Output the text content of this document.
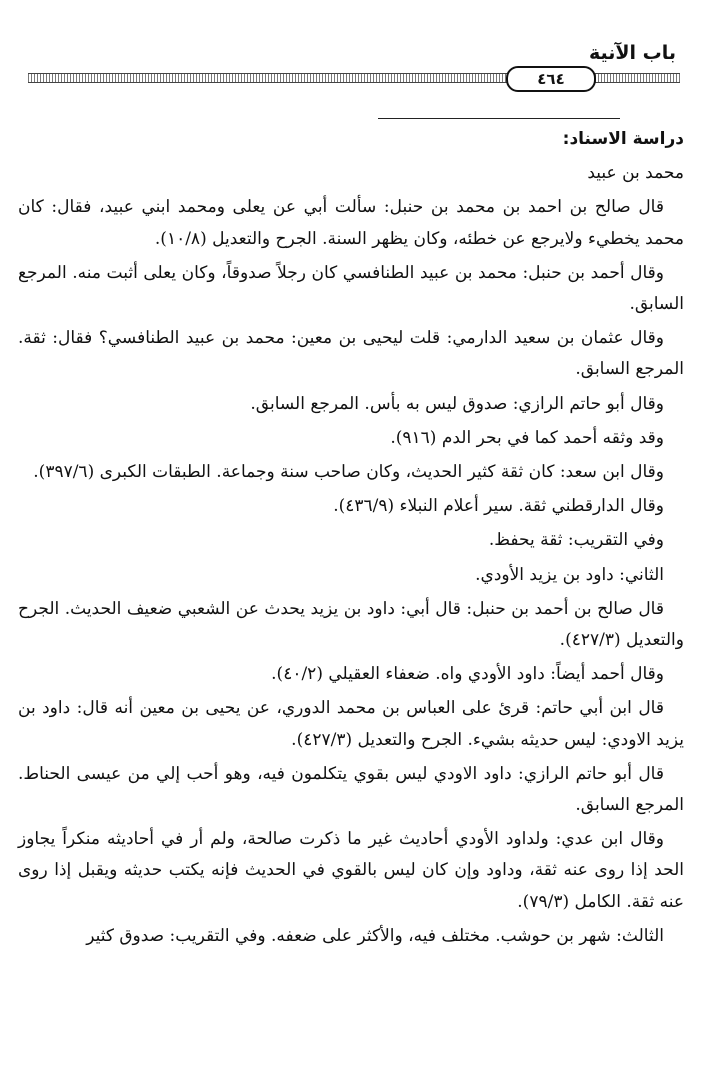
باب الآنية
٤٦٤

دراسة الاسناد:

محمد بن عبيد

قال صالح بن احمد بن محمد بن حنبل: سألت أبي عن يعلى ومحمد ابني عبيد، فقال: كان محمد يخطيء ولايرجع عن خطئه، وكان يظهر السنة. الجرح والتعديل (١٠/٨).

وقال أحمد بن حنبل: محمد بن عبيد الطنافسي كان رجلاً صدوقاً، وكان يعلى أثبت منه. المرجع السابق.

وقال عثمان بن سعيد الدارمي: قلت ليحيى بن معين: محمد بن عبيد الطنافسي؟ فقال: ثقة. المرجع السابق.

وقال أبو حاتم الرازي: صدوق ليس به بأس. المرجع السابق.

وقد وثقه أحمد كما في بحر الدم (٩١٦).

وقال ابن سعد: كان ثقة كثير الحديث، وكان صاحب سنة وجماعة. الطبقات الكبرى (٣٩٧/٦).

وقال الدارقطني ثقة. سير أعلام النبلاء (٤٣٦/٩).

وفي التقريب: ثقة يحفظ.

الثاني: داود بن يزيد الأودي.

قال صالح بن أحمد بن حنبل: قال أبي: داود بن يزيد يحدث عن الشعبي ضعيف الحديث. الجرح والتعديل (٤٢٧/٣).

وقال أحمد أيضاً: داود الأودي واه. ضعفاء العقيلي (٤٠/٢).

قال ابن أبي حاتم: قرئ على العباس بن محمد الدوري، عن يحيى بن معين أنه قال: داود بن يزيد الاودي: ليس حديثه بشيء. الجرح والتعديل (٤٢٧/٣).

قال أبو حاتم الرازي: داود الاودي ليس بقوي يتكلمون فيه، وهو أحب إلي من عيسى الحناط. المرجع السابق.

وقال ابن عدي: ولداود الأودي أحاديث غير ما ذكرت صالحة، ولم أر في أحاديثه منكراً يجاوز الحد إذا روى عنه ثقة، وداود وإن كان ليس بالقوي في الحديث فإنه يكتب حديثه ويقبل إذا روى عنه ثقة. الكامل (٧٩/٣).

الثالث: شهر بن حوشب. مختلف فيه، والأكثر على ضعفه. وفي التقريب: صدوق كثير
